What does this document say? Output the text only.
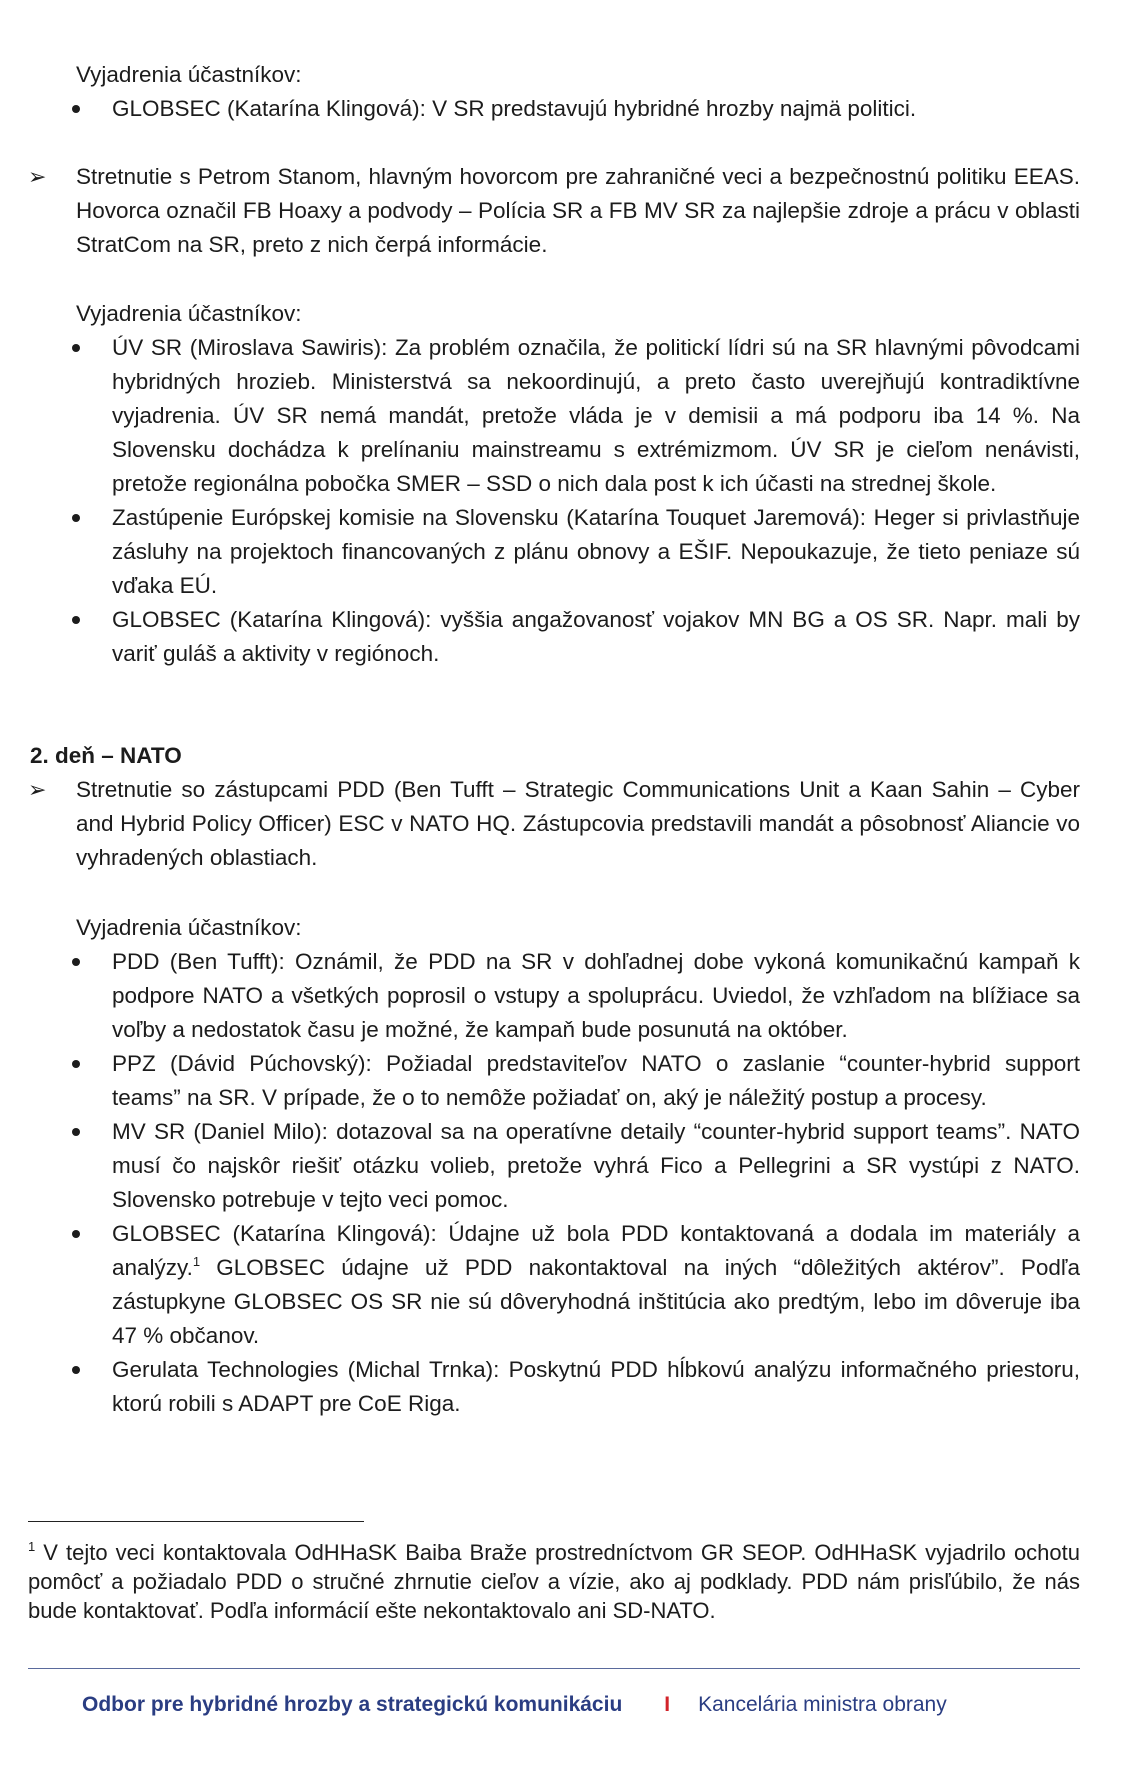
Vyjadrenia účastníkov:

GLOBSEC (Katarína Klingová): V SR predstavujú hybridné hrozby najmä politici.
➢ Stretnutie s Petrom Stanom, hlavným hovorcom pre zahraničné veci a bezpečnostnú politiku EEAS. Hovorca označil FB Hoaxy a podvody – Polícia SR a FB MV SR za najlepšie zdroje a prácu v oblasti StratCom na SR, preto z nich čerpá informácie.

Vyjadrenia účastníkov:

ÚV SR (Miroslava Sawiris): Za problém označila, že politickí lídri sú na SR hlavnými pôvodcami hybridných hrozieb. Ministerstvá sa nekoordinujú, a preto často uverejňujú kontradiktívne vyjadrenia. ÚV SR nemá mandát, pretože vláda je v demisii a má podporu iba 14 %. Na Slovensku dochádza k prelínaniu mainstreamu s extrémizmom. ÚV SR je cieľom nenávisti, pretože regionálna pobočka SMER – SSD o nich dala post k ich účasti na strednej škole.
Zastúpenie Európskej komisie na Slovensku (Katarína Touquet Jaremová): Heger si privlastňuje zásluhy na projektoch financovaných z plánu obnovy a EŠIF. Nepoukazuje, že tieto peniaze sú vďaka EÚ.
GLOBSEC (Katarína Klingová): vyššia angažovanosť vojakov MN BG a OS SR. Napr. mali by variť guláš a aktivity v regiónoch.
2. deň – NATO
➢ Stretnutie so zástupcami PDD (Ben Tufft – Strategic Communications Unit a Kaan Sahin – Cyber and Hybrid Policy Officer) ESC v NATO HQ. Zástupcovia predstavili mandát a pôsobnosť Aliancie vo vyhradených oblastiach.

Vyjadrenia účastníkov:

PDD (Ben Tufft): Oznámil, že PDD na SR v dohľadnej dobe vykoná komunikačnú kampaň k podpore NATO a všetkých poprosil o vstupy a spoluprácu. Uviedol, že vzhľadom na blížiace sa voľby a nedostatok času je možné, že kampaň bude posunutá na október.
PPZ (Dávid Púchovský): Požiadal predstaviteľov NATO o zaslanie “counter-hybrid support teams” na SR. V prípade, že o to nemôže požiadať on, aký je náležitý postup a procesy.
MV SR (Daniel Milo): dotazoval sa na operatívne detaily “counter-hybrid support teams”. NATO musí čo najskôr riešiť otázku volieb, pretože vyhrá Fico a Pellegrini a SR vystúpi z NATO. Slovensko potrebuje v tejto veci pomoc.
GLOBSEC (Katarína Klingová): Údajne už bola PDD kontaktovaná a dodala im materiály a analýzy.$^1$ GLOBSEC údajne už PDD nakontaktoval na iných “dôležitých aktérov”. Podľa zástupkyne GLOBSEC OS SR nie sú dôveryhodná inštitúcia ako predtým, lebo im dôveruje iba 47 % občanov.
Gerulata Technologies (Michal Trnka): Poskytnú PDD hĺbkovú analýzu informačného priestoru, ktorú robili s ADAPT pre CoE Riga.
$^1$ V tejto veci kontaktovala OdHHaSK Baiba Braže prostredníctvom GR SEOP. OdHHaSK vyjadrilo ochotu pomôcť a požiadalo PDD o stručné zhrnutie cieľov a vízie, ako aj podklady. PDD nám prisľúbilo, že nás bude kontaktovať. Podľa informácií ešte nekontaktovalo ani SD-NATO.
Odbor pre hybridné hrozby a strategickú komunikáciu I Kancelária ministra obrany
